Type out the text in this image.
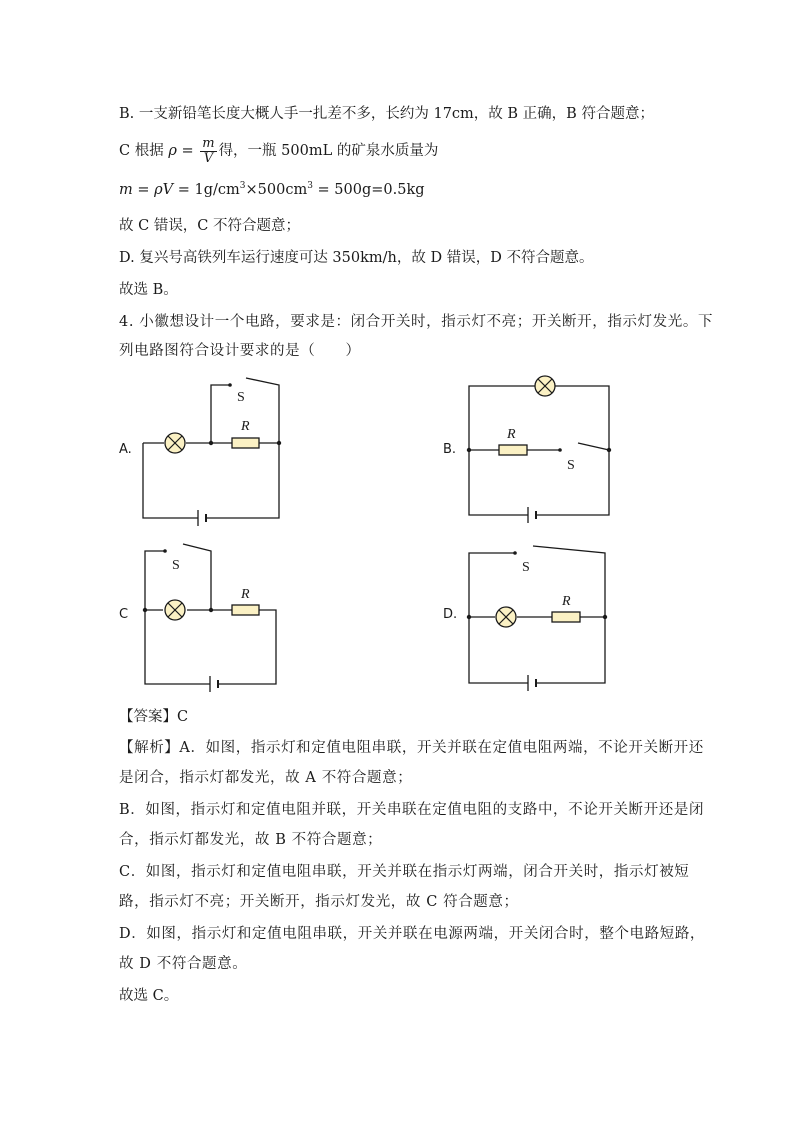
B. 一支新铅笔长度大概人手一扎差不多，长约为 17cm，故 B 正确，B 符合题意；
C 根据 $\rho = \frac{m}{V}$ 得，一瓶 500mL 的矿泉水质量为
$m = \rho V = 1g/cm^3\times 500cm^3 = 500g=0.5kg$
故 C 错误，C 不符合题意；
D. 复兴号高铁列车运行速度可达 350km/h，故 D 错误，D 不符合题意。
故选 B。
4. 小徽想设计一个电路，要求是：闭合开关时，指示灯不亮；开关断开，指示灯发光。下
列电路图符合设计要求的是（　　）
A.	B.
C	D.
S
R
R
S
S
R
S
R
【答案】C
【解析】A．如图，指示灯和定值电阻串联，开关并联在定值电阻两端，不论开关断开还
是闭合，指示灯都发光，故 A 不符合题意；
B．如图，指示灯和定值电阻并联，开关串联在定值电阻的支路中，不论开关断开还是闭
合，指示灯都发光，故 B 不符合题意；
C．如图，指示灯和定值电阻串联，开关并联在指示灯两端，闭合开关时，指示灯被短
路，指示灯不亮；开关断开，指示灯发光，故 C 符合题意；
D．如图，指示灯和定值电阻串联，开关并联在电源两端，开关闭合时，整个电路短路，
故 D 不符合题意。
故选 C。
